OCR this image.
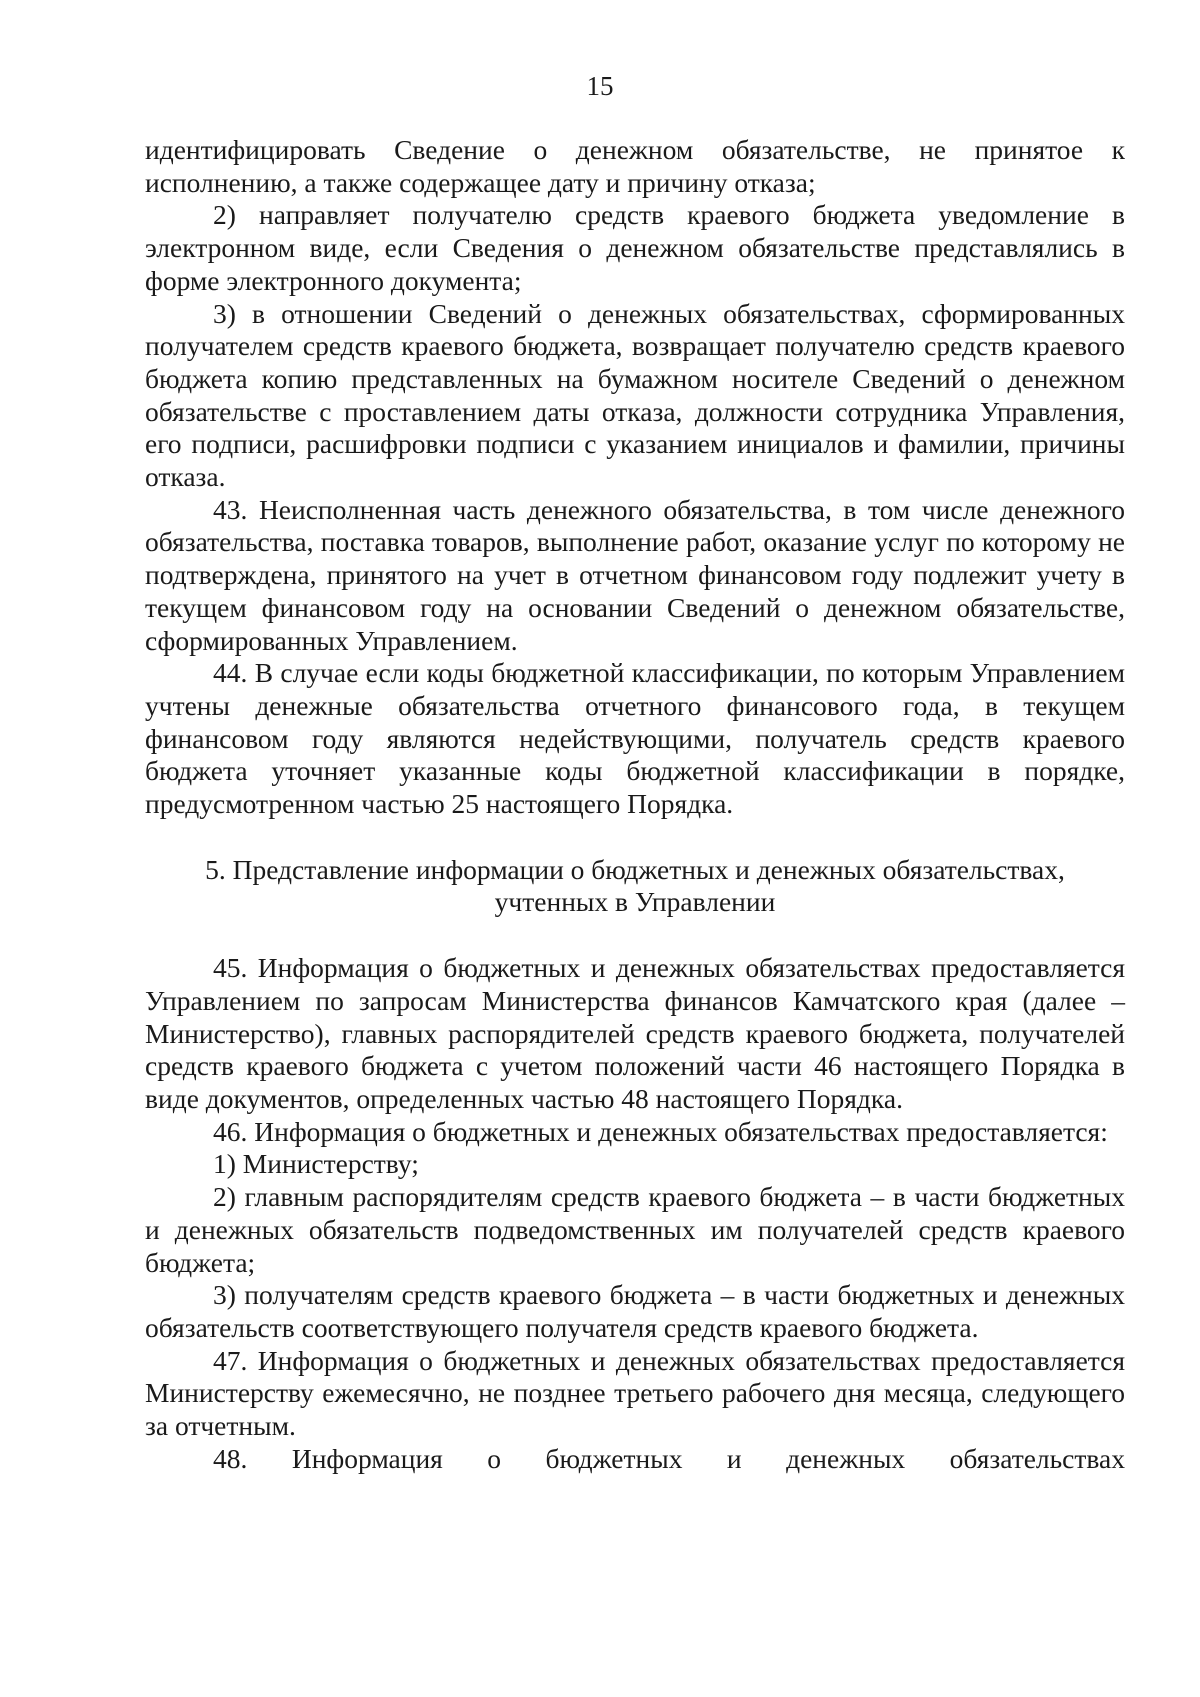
15

идентифицировать Сведение о денежном обязательстве, не принятое к исполнению, а также содержащее дату и причину отказа;

2) направляет получателю средств краевого бюджета уведомление в электронном виде, если Сведения о денежном обязательстве представлялись в форме электронного документа;

3) в отношении Сведений о денежных обязательствах, сформированных получателем средств краевого бюджета, возвращает получателю средств краевого бюджета копию представленных на бумажном носителе Сведений о денежном обязательстве с проставлением даты отказа, должности сотрудника Управления, его подписи, расшифровки подписи с указанием инициалов и фамилии, причины отказа.

43. Неисполненная часть денежного обязательства, в том числе денежного обязательства, поставка товаров, выполнение работ, оказание услуг по которому не подтверждена, принятого на учет в отчетном финансовом году подлежит учету в текущем финансовом году на основании Сведений о денежном обязательстве, сформированных Управлением.

44. В случае если коды бюджетной классификации, по которым Управлением учтены денежные обязательства отчетного финансового года, в текущем финансовом году являются недействующими, получатель средств краевого бюджета уточняет указанные коды бюджетной классификации в порядке, предусмотренном частью 25 настоящего Порядка.

5. Представление информации о бюджетных и денежных обязательствах, учтенных в Управлении

45. Информация о бюджетных и денежных обязательствах предоставляется Управлением по запросам Министерства финансов Камчатского края (далее – Министерство), главных распорядителей средств краевого бюджета, получателей средств краевого бюджета с учетом положений части 46 настоящего Порядка в виде документов, определенных частью 48 настоящего Порядка.

46. Информация о бюджетных и денежных обязательствах предоставляется:

1) Министерству;

2) главным распорядителям средств краевого бюджета – в части бюджетных и денежных обязательств подведомственных им получателей средств краевого бюджета;

3) получателям средств краевого бюджета – в части бюджетных и денежных обязательств соответствующего получателя средств краевого бюджета.

47. Информация о бюджетных и денежных обязательствах предоставляется Министерству ежемесячно, не позднее третьего рабочего дня месяца, следующего за отчетным.

48. Информация о бюджетных и денежных обязательствах
